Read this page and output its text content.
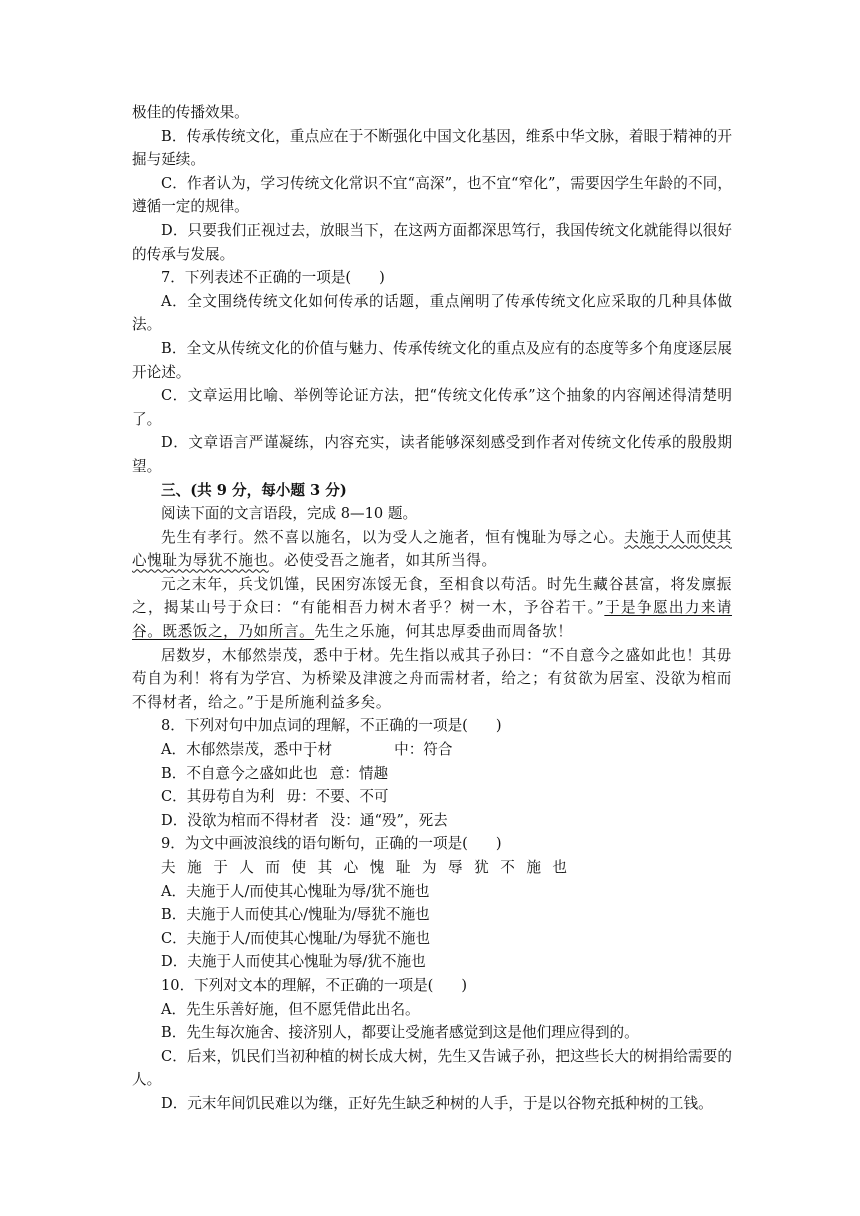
极佳的传播效果。

B．传承传统文化，重点应在于不断强化中国文化基因，维系中华文脉，着眼于精神的开掘与延续。

C．作者认为，学习传统文化常识不宜“高深”，也不宜“窄化”，需要因学生年龄的不同，遵循一定的规律。

D．只要我们正视过去，放眼当下，在这两方面都深思笃行，我国传统文化就能得以很好的传承与发展。

7．下列表述不正确的一项是( )

A．全文围绕传统文化如何传承的话题，重点阐明了传承传统文化应采取的几种具体做法。

B．全文从传统文化的价值与魅力、传承传统文化的重点及应有的态度等多个角度逐层展开论述。

C．文章运用比喻、举例等论证方法，把“传统文化传承”这个抽象的内容阐述得清楚明了。

D．文章语言严谨凝练，内容充实，读者能够深刻感受到作者对传统文化传承的殷殷期望。

三、(共 9 分，每小题 3 分)

阅读下面的文言语段，完成 8—10 题。

先生有孝行。然不喜以施名，以为受人之施者，恒有愧耻为辱之心。夫施于人而使其心愧耻为辱犹不施也。必使受吾之施者，如其所当得。

元之末年，兵戈饥馑，民困穷冻馁无食，至相食以苟活。时先生藏谷甚富，将发廪振之，揭某山号于众曰：“有能相吾力树木者乎？树一木，予谷若干。”于是争愿出力来请谷。既悉饭之，乃如所言。先生之乐施，何其忠厚委曲而周备欤！

居数岁，木郁然崇茂，悉中于材。先生指以戒其子孙曰：“不自意今之盛如此也！其毋苟自为利！将有为学宫、为桥梁及津渡之舟而需材者，给之；有贫欲为居室、没欲为棺而不得材者，给之。”于是所施利益多矣。

8．下列对句中加点词的理解，不正确的一项是( )

A．木郁然崇茂，悉中于材	中：符合

B．不自意今之盛如此也 意：情趣

C．其毋苟自为利 毋：不要、不可

D．没欲为棺而不得材者 没：通“殁”，死去

9．为文中画波浪线的语句断句，正确的一项是( )

夫施于人而使其心愧耻为辱犹不施也

A．夫施于人/而使其心愧耻为辱/犹不施也

B．夫施于人而使其心/愧耻为/辱犹不施也

C．夫施于人/而使其心愧耻/为辱犹不施也

D．夫施于人而使其心愧耻为辱/犹不施也

10．下列对文本的理解，不正确的一项是( )

A．先生乐善好施，但不愿凭借此出名。

B．先生每次施舍、接济别人，都要让受施者感觉到这是他们理应得到的。

C．后来，饥民们当初种植的树长成大树，先生又告诫子孙，把这些长大的树捐给需要的人。

D．元末年间饥民难以为继，正好先生缺乏种树的人手，于是以谷物充抵种树的工钱。
